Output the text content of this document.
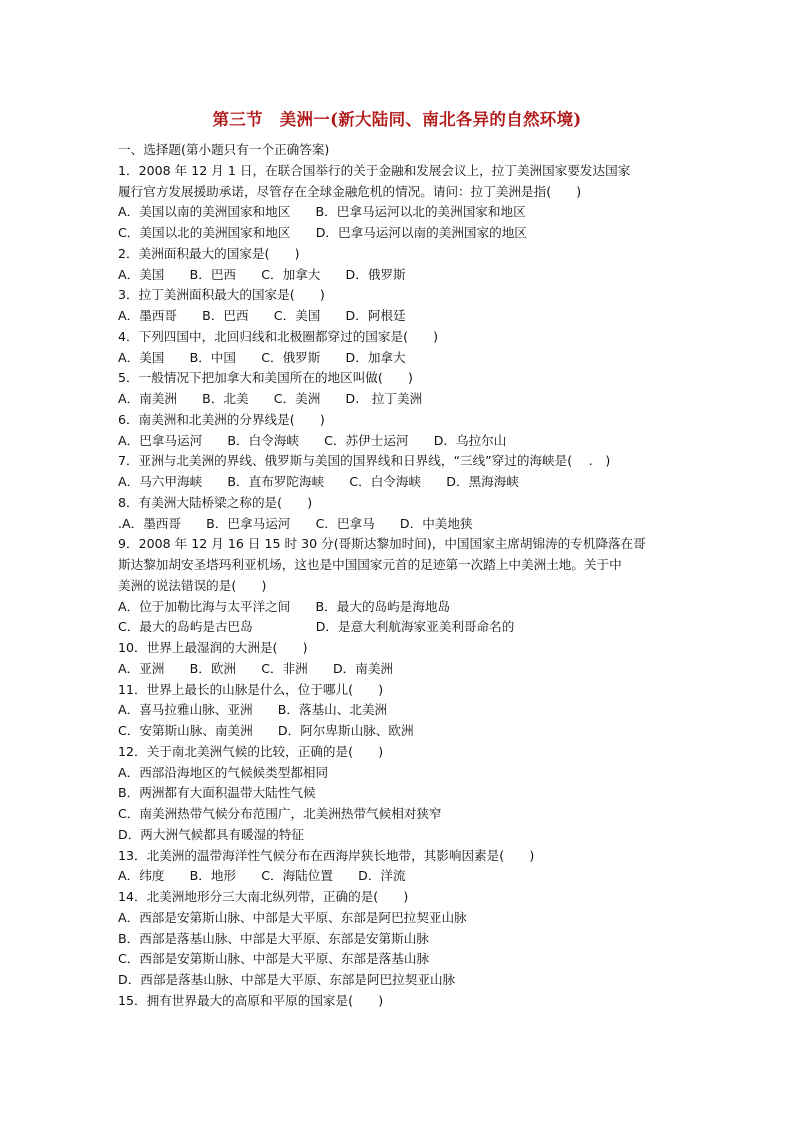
第三节　美洲一(新大陆同、南北各异的自然环境)
一、选择题(第小题只有一个正确答案)
1．2008 年 12 月 1 日，在联合国举行的关于金融和发展会议上，拉丁美洲国家要发达国家
履行官方发展援助承诺，尽管存在全球金融危机的情况。请问：拉丁美洲是指(　　)
A．美国以南的美洲国家和地区　　B．巴拿马运河以北的美洲国家和地区
C．美国以北的美洲国家和地区　　D．巴拿马运河以南的美洲国家的地区
2．美洲面积最大的国家是(　　)
A．美国　　B．巴西　　C．加拿大　　D．俄罗斯
3．拉丁美洲面积最大的国家是(　　)
A．墨西哥　　B．巴西　　C．美国　　D．阿根廷
4．下列四国中，北回归线和北极圈都穿过的国家是(　　)
A．美国　　B．中国　　C．俄罗斯　　D．加拿大
5．一般情况下把加拿大和美国所在的地区叫做(　　)
A．南美洲　　B．北美　　C．美洲　　D.　拉丁美洲
6．南美洲和北美洲的分界线是(　　)
A．巴拿马运河　　B．白令海峡　　C．苏伊士运河　　D．乌拉尔山
7．亚洲与北美洲的界线、俄罗斯与美国的国界线和日界线，“三线”穿过的海峡是(　 .　)
A．马六甲海峡　　B．直布罗陀海峡　　C．白令海峡　　D．黑海海峡
8．有美洲大陆桥梁之称的是(　　)
.A．墨西哥　　B．巴拿马运河　　C．巴拿马　　D．中美地狭
9．2008 年 12 月 16 日 15 时 30 分(哥斯达黎加时间)，中国国家主席胡锦涛的专机降落在哥
斯达黎加胡安圣塔玛利亚机场，这也是中国国家元首的足迹第一次踏上中美洲土地。关于中
美洲的说法错误的是(　　)
A．位于加勒比海与太平洋之间　　B．最大的岛屿是海地岛
C．最大的岛屿是古巴岛　　　　　D．是意大利航海家亚美利哥命名的
10．世界上最湿润的大洲是(　　)
A．亚洲　　B．欧洲　　C．非洲　　D．南美洲
11．世界上最长的山脉是什么，位于哪儿(　　)
A．喜马拉雅山脉、亚洲　　B．落基山、北美洲
C．安第斯山脉、南美洲　　D．阿尔卑斯山脉、欧洲
12．关于南北美洲气候的比较，正确的是(　　)
A．西部沿海地区的气候候类型都相同
B．两洲都有大面积温带大陆性气候
C．南美洲热带气候分布范围广，北美洲热带气候相对狭窄
D．两大洲气候都具有暖湿的特征
13．北美洲的温带海洋性气候分布在西海岸狭长地带，其影响因素是(　　)
A．纬度　　B．地形　　C．海陆位置　　D．洋流
14．北美洲地形分三大南北纵列带，正确的是(　　)
A．西部是安第斯山脉、中部是大平原、东部是阿巴拉契亚山脉
B．西部是落基山脉、中部是大平原、东部是安第斯山脉
C．西部是安第斯山脉、中部是大平原、东部是落基山脉
D．西部是落基山脉、中部是大平原、东部是阿巴拉契亚山脉
15．拥有世界最大的高原和平原的国家是(　　)
